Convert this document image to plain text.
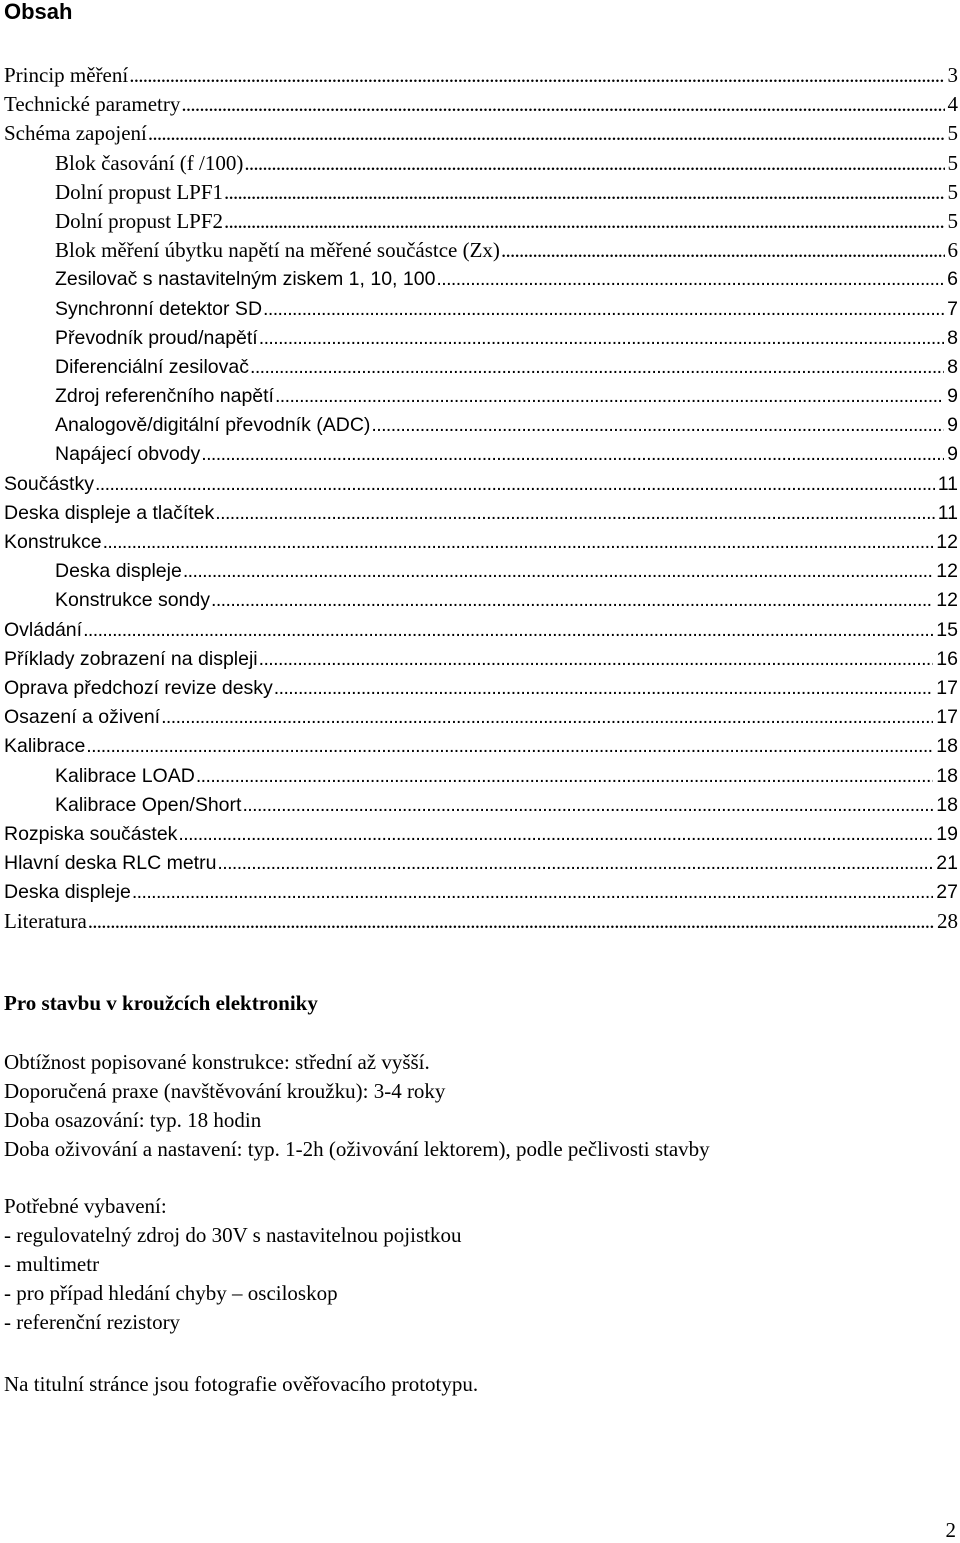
Obsah
Princip měření . . .	3
Technické parametry . . .	4
Schéma zapojení . . .	5
Blok časování (f /100) . . .	5
Dolní propust LPF1 . . .	5
Dolní propust LPF2 . . .	5
Blok měření úbytku napětí na měřené součástce (Zx) . . .	6
Zesilovač s nastavitelným ziskem 1, 10, 100 . . .	6
Synchronní detektor SD . . .	7
Převodník proud/napětí . . .	8
Diferenciální zesilovač . . .	8
Zdroj referenčního napětí . . .	9
Analogově/digitální převodník (ADC) . . .	9
Napájecí obvody . . .	9
Součástky . . .	11
Deska displeje a tlačítek . . .	11
Konstrukce . . .	12
Deska displeje . . .	12
Konstrukce sondy . . .	12
Ovládání . . .	15
Příklady zobrazení na displeji . . .	16
Oprava předchozí revize desky . . .	17
Osazení a oživení . . .	17
Kalibrace . . .	18
Kalibrace LOAD . . .	18
Kalibrace Open/Short . . .	18
Rozpiska součástek . . .	19
Hlavní deska RLC metru . . .	21
Deska displeje . . .	27
Literatura . . .	28
Pro stavbu v kroužcích elektroniky
Obtížnost popisované konstrukce: střední až vyšší.
Doporučená praxe (navštěvování kroužku): 3-4 roky
Doba osazování: typ. 18 hodin
Doba oživování a nastavení: typ. 1-2h (oživování lektorem), podle pečlivosti stavby
Potřebné vybavení:
- regulovatelný zdroj do 30V s nastavitelnou pojistkou
- multimetr
- pro případ hledání chyby – osciloskop
- referenční rezistory
Na titulní stránce jsou fotografie ověřovacího prototypu.
2
